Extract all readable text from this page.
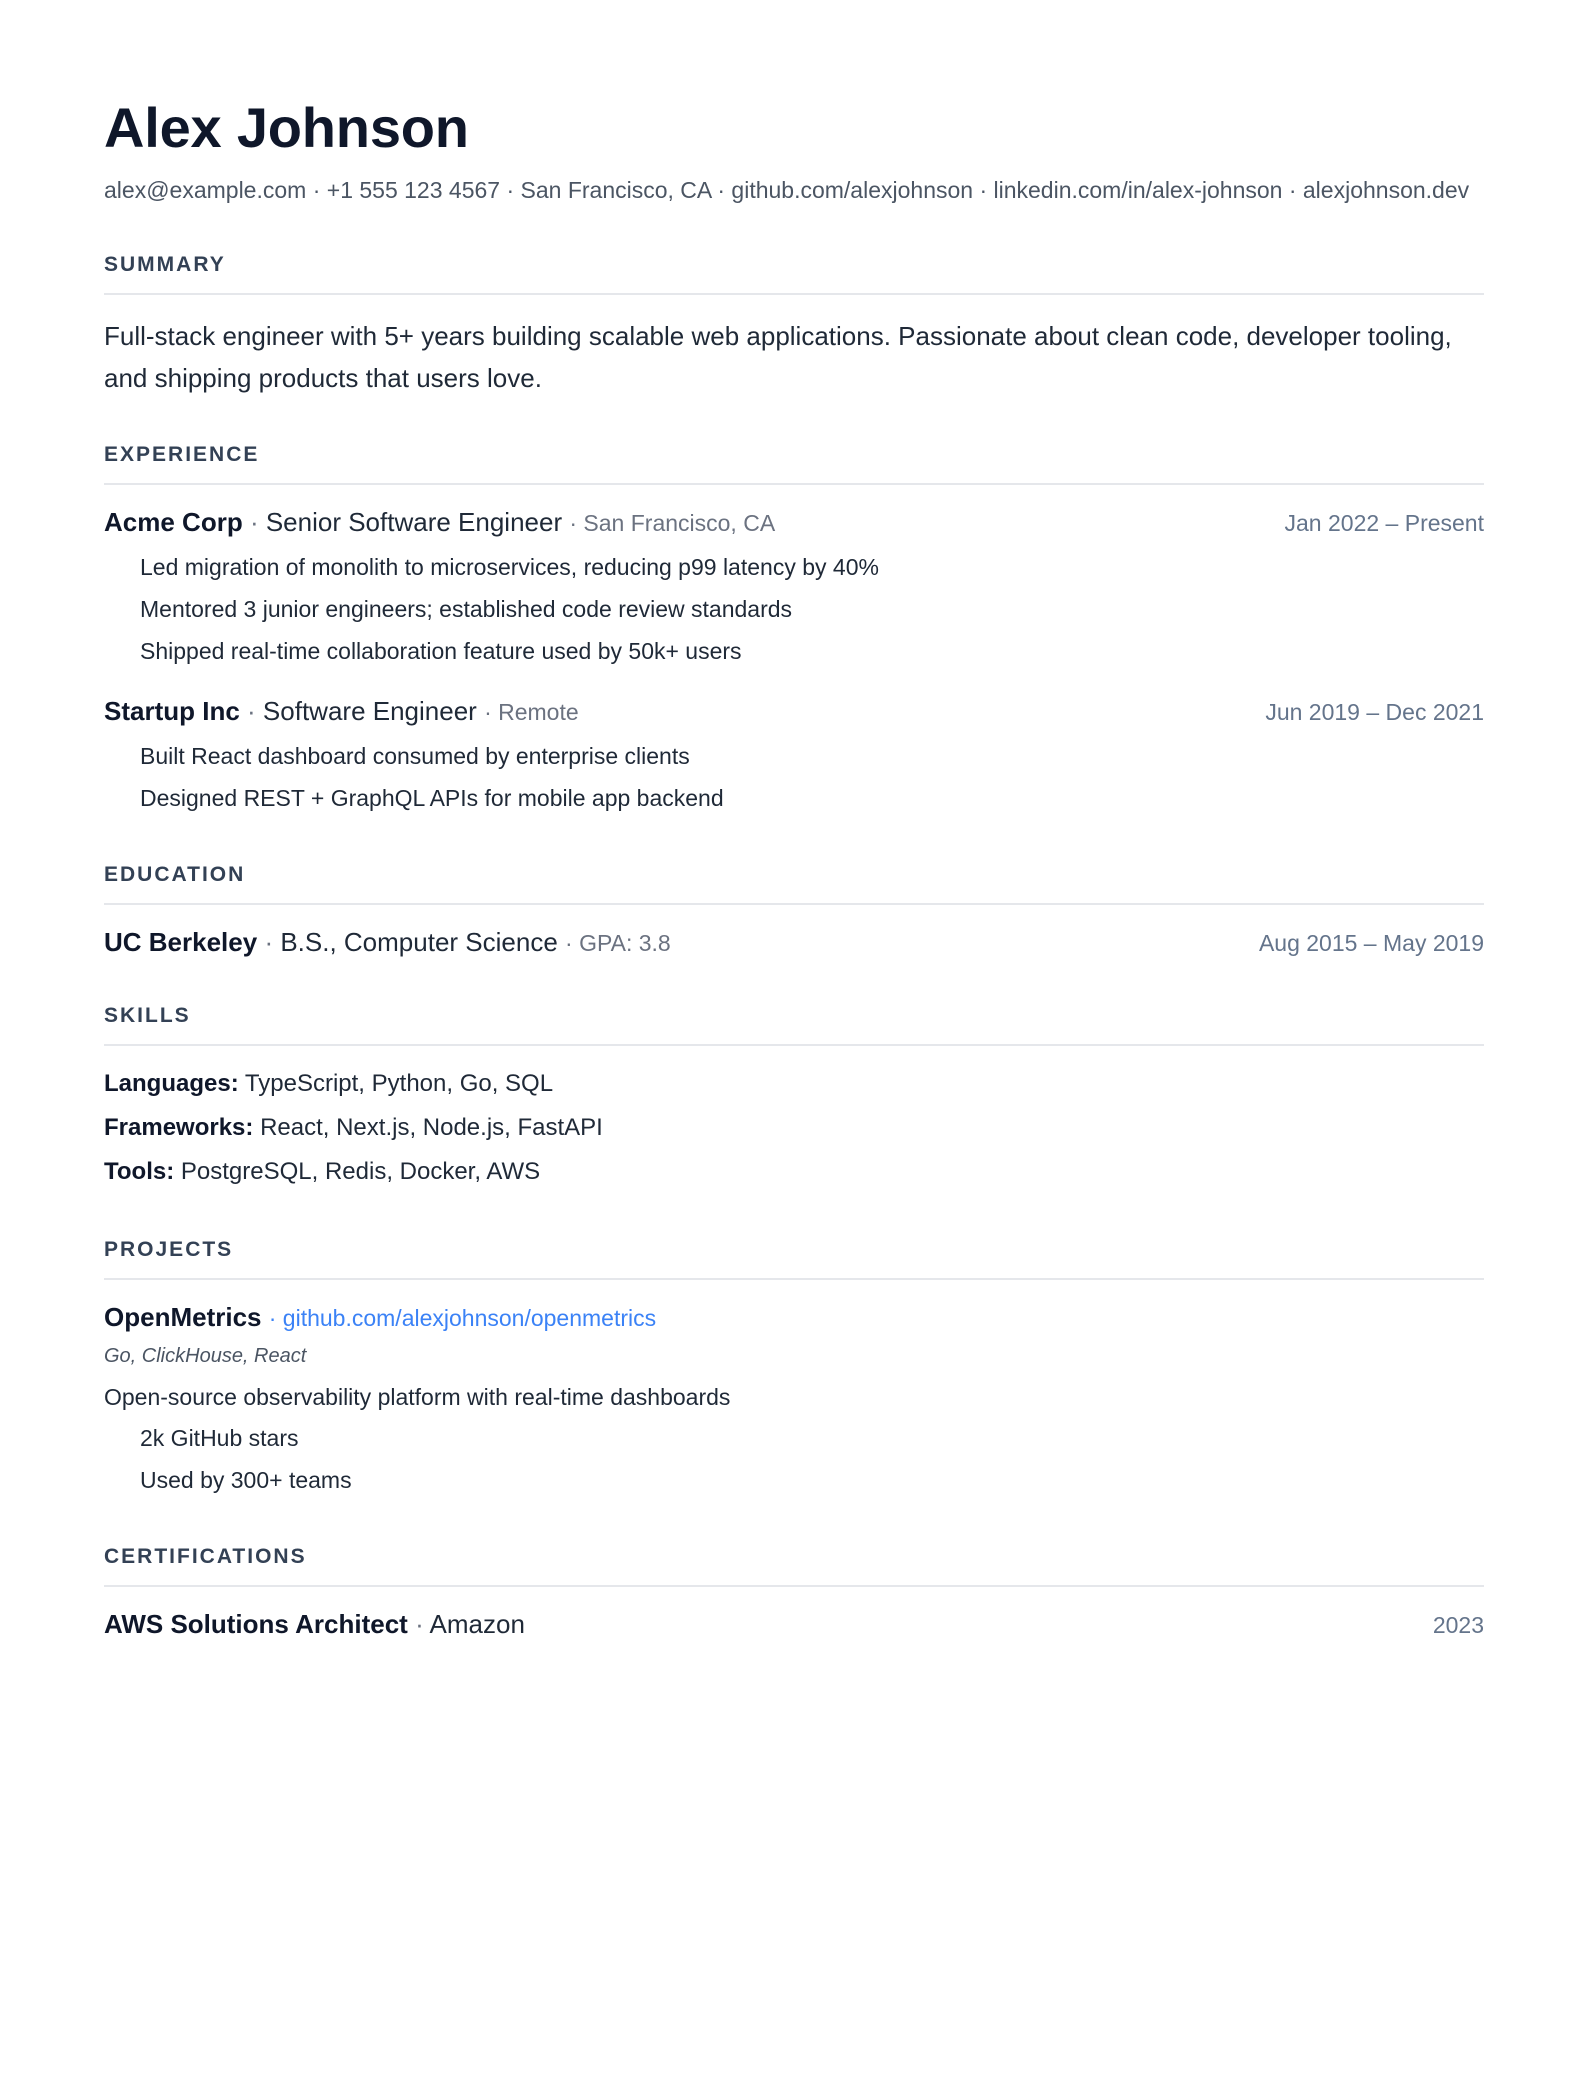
Alex Johnson
alex@example.com · +1 555 123 4567 · San Francisco, CA · github.com/alexjohnson · linkedin.com/in/alex-johnson · alexjohnson.dev
SUMMARY

Full-stack engineer with 5+ years building scalable web applications. Passionate about clean code, developer tooling, and shipping products that users love.

EXPERIENCE
Acme Corp · Senior Software Engineer · San Francisco, CA	Jan 2022 – Present
Led migration of monolith to microservices, reducing p99 latency by 40%
Mentored 3 junior engineers; established code review standards
Shipped real-time collaboration feature used by 50k+ users
Startup Inc · Software Engineer · Remote	Jun 2019 – Dec 2021
Built React dashboard consumed by enterprise clients
Designed REST + GraphQL APIs for mobile app backend
EDUCATION
UC Berkeley · B.S., Computer Science · GPA: 3.8	Aug 2015 – May 2019
SKILLS
Languages: TypeScript, Python, Go, SQL
Frameworks: React, Next.js, Node.js, FastAPI
Tools: PostgreSQL, Redis, Docker, AWS
PROJECTS
OpenMetrics · github.com/alexjohnson/openmetrics
Go, ClickHouse, React
Open-source observability platform with real-time dashboards
2k GitHub stars
Used by 300+ teams
CERTIFICATIONS
AWS Solutions Architect · Amazon	2023
